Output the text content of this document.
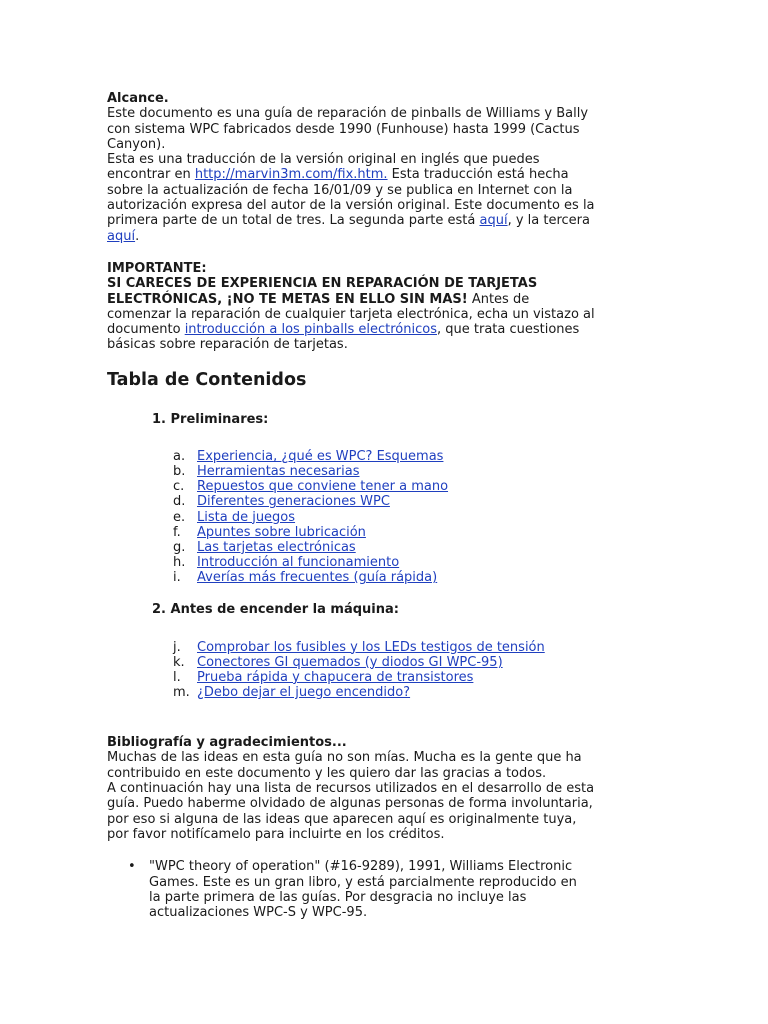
Alcance.

Este documento es una guía de reparación de pinballs de Williams y Bally con sistema WPC fabricados desde 1990 (Funhouse) hasta 1999 (Cactus Canyon).

Esta es una traducción de la versión original en inglés que puedes encontrar en http://marvin3m.com/fix.htm. Esta traducción está hecha sobre la actualización de fecha 16/01/09 y se publica en Internet con la autorización expresa del autor de la versión original. Este documento es la primera parte de un total de tres. La segunda parte está aquí, y la tercera aquí.

IMPORTANTE:

SI CARECES DE EXPERIENCIA EN REPARACIÓN DE TARJETAS ELECTRÓNICAS, ¡NO TE METAS EN ELLO SIN MAS! Antes de comenzar la reparación de cualquier tarjeta electrónica, echa un vistazo al documento introducción a los pinballs electrónicos, que trata cuestiones básicas sobre reparación de tarjetas.

Tabla de Contenidos

1. Preliminares:

a. Experiencia, ¿qué es WPC? Esquemas
b. Herramientas necesarias
c. Repuestos que conviene tener a mano
d. Diferentes generaciones WPC
e. Lista de juegos
f.	Apuntes sobre lubricación
g. Las tarjetas electrónicas
h. Introducción al funcionamiento
i.	Averías más frecuentes (guía rápida)

2. Antes de encender la máquina:

j.	Comprobar los fusibles y los LEDs testigos de tensión
k. Conectores GI quemados (y diodos GI WPC-95)
l.	Prueba rápida y chapucera de transistores
m. ¿Debo dejar el juego encendido?

Bibliografía y agradecimientos...

Muchas de las ideas en esta guía no son mías. Mucha es la gente que ha contribuido en este documento y les quiero dar las gracias a todos.

A continuación hay una lista de recursos utilizados en el desarrollo de esta guía. Puedo haberme olvidado de algunas personas de forma involuntaria, por eso si alguna de las ideas que aparecen aquí es originalmente tuya, por favor notifícamelo para incluirte en los créditos.

•	"WPC theory of operation" (#16-9289), 1991, Williams Electronic Games. Este es un gran libro, y está parcialmente reproducido en la parte primera de las guías. Por desgracia no incluye las actualizaciones WPC-S y WPC-95.
